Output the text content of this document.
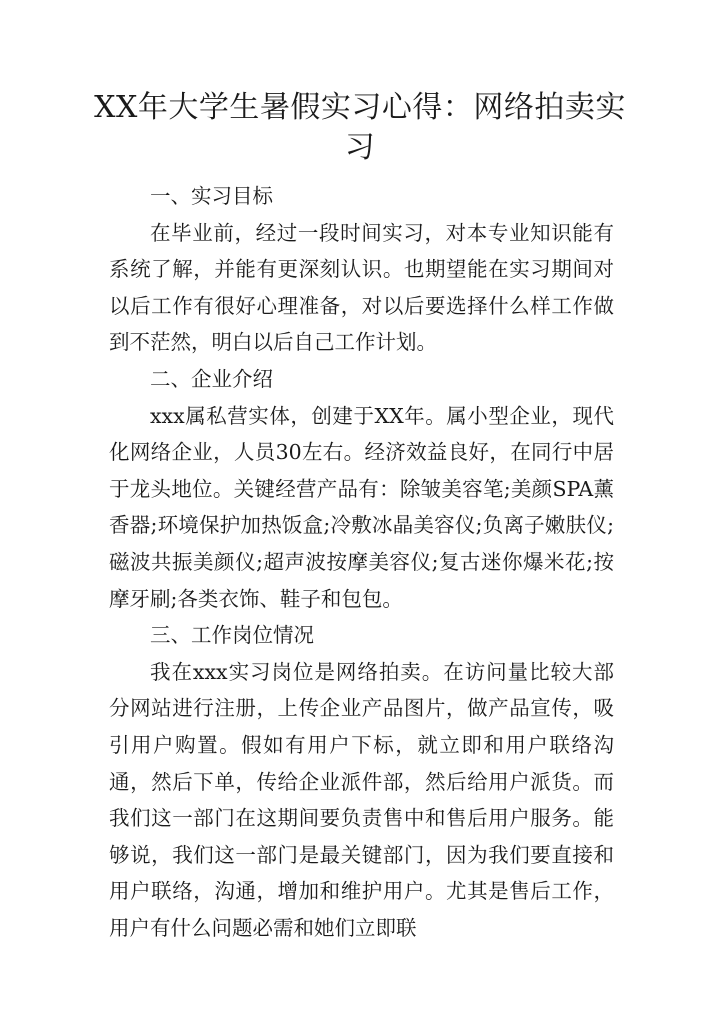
XX年大学生暑假实习心得：网络拍卖实习

一、实习目标

在毕业前，经过一段时间实习，对本专业知识能有系统了解，并能有更深刻认识。也期望能在实习期间对以后工作有很好心理准备，对以后要选择什么样工作做到不茫然，明白以后自己工作计划。

二、企业介绍

xxx属私营实体，创建于XX年。属小型企业，现代化网络企业，人员30左右。经济效益良好，在同行中居于龙头地位。关键经营产品有：除皱美容笔;美颜SPA薰香器;环境保护加热饭盒;冷敷冰晶美容仪;负离子嫩肤仪;磁波共振美颜仪;超声波按摩美容仪;复古迷你爆米花;按摩牙刷;各类衣饰、鞋子和包包。

三、工作岗位情况

我在xxx实习岗位是网络拍卖。在访问量比较大部分网站进行注册，上传企业产品图片，做产品宣传，吸引用户购置。假如有用户下标，就立即和用户联络沟通，然后下单，传给企业派件部，然后给用户派货。而我们这一部门在这期间要负责售中和售后用户服务。能够说，我们这一部门是最关键部门，因为我们要直接和用户联络，沟通，增加和维护用户。尤其是售后工作，用户有什么问题必需和她们立即联
